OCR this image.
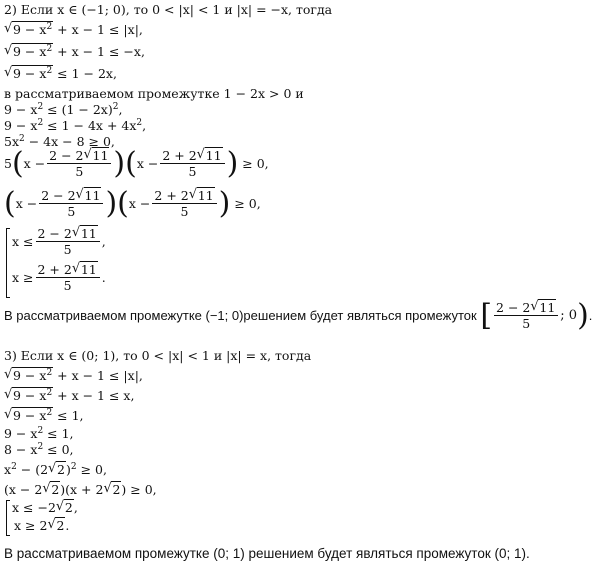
2) Если x ∈ (−1; 0), то 0 < |x| < 1 и |x| = −x, тогда
√ $9 - x^2 + x - 1 \le |x|$,
√ $9 - x^2 + x - 1 \le -x$,
√ $9 - x^2 \le 1 - 2x$,
в рассматриваемом промежутке 1 − 2x > 0 и
$9 - x^2 \le (1 - 2x)^2$,
$9 - x^2 \le 1 - 4x + 4x^2$,
$5x^2 - 4x - 8 \ge 0$,
5 ( $x - \frac{2 - 2√ 11}{5}$ ) ( $x - \frac{2 + 2√ 11}{5}$ )
≥ 0,
( $x - \frac{2 - 2√ 11}{5}$ ) ( $x - \frac{2 + 2√ 11}{5}$ )
≥ 0,
$x \le \frac{2 - 2√ 11}{5}$ ,
$x \ge \frac{2 + 2√ 11}{5}$ .
В рассматриваемом промежутке (−1; 0)решением будет являться промежуток
[ $\frac{2 - 2√ 11}{5}$ ; 0 ) .
3) Если x ∈ (0; 1), то 0 < |x| < 1 и |x| = x, тогда
√ $9 - x^2 + x - 1 \le |x|$,
√ $9 - x^2 + x - 1 \le x$,
√ $9 - x^2 \le 1$,
$9 - x^2 \le 1$,
$8 - x^2 \le 0$,
$x^2 - (2√$ 2)$^2$ ≥ 0,
(x − 2√ 2)(x + 2√ 2) ≥ 0,
x ≤ −2√ 2,
x ≥ 2√ 2.
В рассматриваемом промежутке (0; 1) решением будет являться промежуток (0; 1).
